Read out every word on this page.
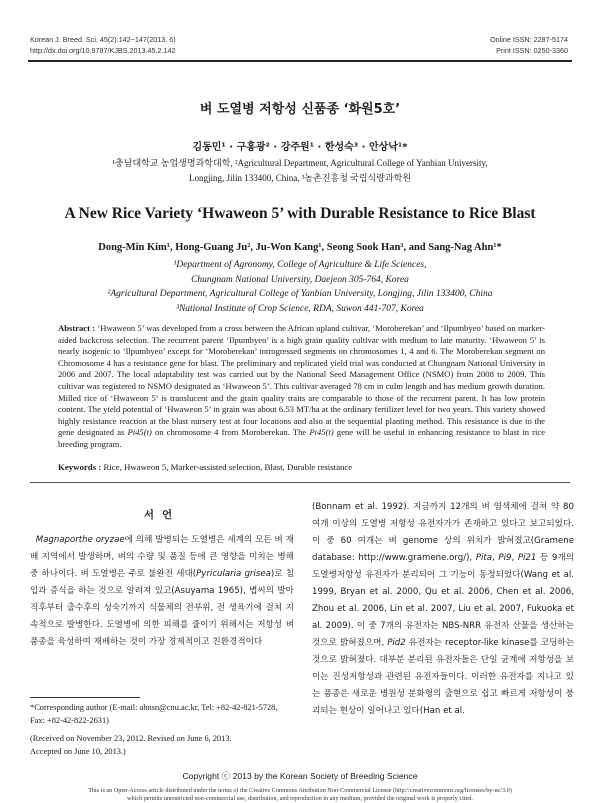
Korean J. Breed. Sci. 45(2):142~147(2013. 6)
http://dx.doi.org/10.9787/KJBS.2013.45.2.142
Online ISSN: 2287-5174
Print ISSN: 0250-3360
벼 도열병 저항성 신품종 ‘화원5호’
김동민¹ · 구홍광² · 강주원¹ · 한성숙³ · 안상낙¹*
¹충남대학교 농업생명과학대학, ²Agricultural Department, Agricultural College of Yanbian University,
Longjing, Jilin 133400, China, ³농촌진흥청 국립식량과학원
A New Rice Variety ‘Hwaweon 5’ with Durable Resistance to Rice Blast
Dong-Min Kim¹, Hong-Guang Ju², Ju-Won Kang¹, Seong Sook Han³, and Sang-Nag Ahn¹*
¹Department of Agronomy, College of Agriculture & Life Sciences,
Chungnam National University, Daejeon 305-764, Korea
²Agricultural Department, Agricultural College of Yanbian University, Longjing, Jilin 133400, China
³National Institute of Crop Science, RDA, Suwon 441-707, Korea
Abstract : ‘Hwaweon 5’ was developed from a cross between the African upland cultivar, ‘Moroberekan’ and ‘Ilpumbyeo’ based on marker-aided backcross selection. The recurrent parent ‘Ilpumbyeo’ is a high grain quality cultivar with medium to late maturity. ‘Hwaweon 5’ is nearly isogenic to ‘Ilpumbyeo’ except for ‘Moroberekan’ introgressed segments on chromosomes 1, 4 and 6. The Moroberekan segment on Chromosome 4 has a resistance gene for blast. The preliminary and replicated yield trial was conducted at Chungnam National University in 2006 and 2007. The local adaptability test was carried out by the National Seed Management Office (NSMO) from 2008 to 2009. This cultivar was registered to NSMO designated as ‘Hwaweon 5’. This cultivar averaged 78 cm in culm length and has medium growth duration. Milled rice of ‘Hwaweon 5’ is translucent and the grain quality traits are comparable to those of the recurrent parent. It has low protein content. The yield potential of ‘Hwaweon 5’ in grain was about 6.53 MT/ha at the ordinary fertilizer level for two years. This variety showed highly resistance reaction at the blast nursery test at four locations and also at the sequential planting method. This resistance is due to the gene designated as Pi45(t) on chromosome 4 from Moroberekan. The Pi45(t) gene will be useful in enhancing resistance to blast in rice breeding program.
Keywords : Rice, Hwaweon 5, Marker-assisted selection, Blast, Durable resistance
서언
Magnaporthe oryzae에 의해 발병되는 도열병은 세계의 모든 벼 재배 지역에서 발생하며, 벼의 수량 및 품질 등에 큰 영향을 미치는 병해 중 하나이다. 벼 도열병은 주로 불완전 세대(Pyricularia grisea)로 침입과 증식을 하는 것으로 알려져 있고(Asuyama 1965), 볍씨의 발아 직후부터 출수후의 성숙기까지 식물체의 전부위, 전 생육기에 걸쳐 지속적으로 발병한다. 도열병에 의한 피해를 줄이기 위해서는 저항성 벼 품종을 육성하여 재배하는 것이 가장 경제적이고 친환경적이다
(Bonnam et al. 1992). 지금까지 12개의 벼 염색체에 걸쳐 약 80 여개 이상의 도열병 저항성 유전자가가 존재하고 있다고 보고되었다. 이 중 60 여개는 벼 genome 상의 위치가 밝혀졌고(Gramene database: http://www.gramene.org/), Pita, Pi9, Pi21 등 9개의 도열병저항성 유전자가 분리되어 그 기능이 동정되었다(Wang et al. 1999, Bryan et al. 2000, Qu et al. 2006, Chen et al. 2006, Zhou et al. 2006, Lin et al. 2007, Liu et al. 2007, Fukuoka et al. 2009). 이 중 7개의 유전자는 NBS-NRR 유전자 산물을 생산하는 것으로 밝혀졌으며, Pid2 유전자는 receptor-like kinase를 코딩하는 것으로 밝혀졌다. 대부분 분리된 유전자들은 단일 균계에 저항성을 보이는 진성저항성과 관련된 유전자들이다. 이러한 유전자를 지니고 있는 품종은 새로운 병원성 분화형의 출현으로 쉽고 빠르게 저항성이 붕괴되는 현상이 일어나고 있다(Han et al.
*Corresponding author (E-mail: ahnsn@cnu.ac.kr, Tel: +82-42-821-5728, Fax: +82-42-822-2631)
(Received on November 23, 2012. Revised on June 6, 2013.
Accepted on June 10, 2013.)
Copyright ⓒ 2013 by the Korean Society of Breeding Science
This is an Open-Access article distributed under the terms of the Creative Commons Attribution Non-Commercial License (http://creativecommons.org/licenses/by-nc/3.0)
which permits unrestricted non-commercial use, distribution, and reproduction in any medium, provided the original work is properly cited.
